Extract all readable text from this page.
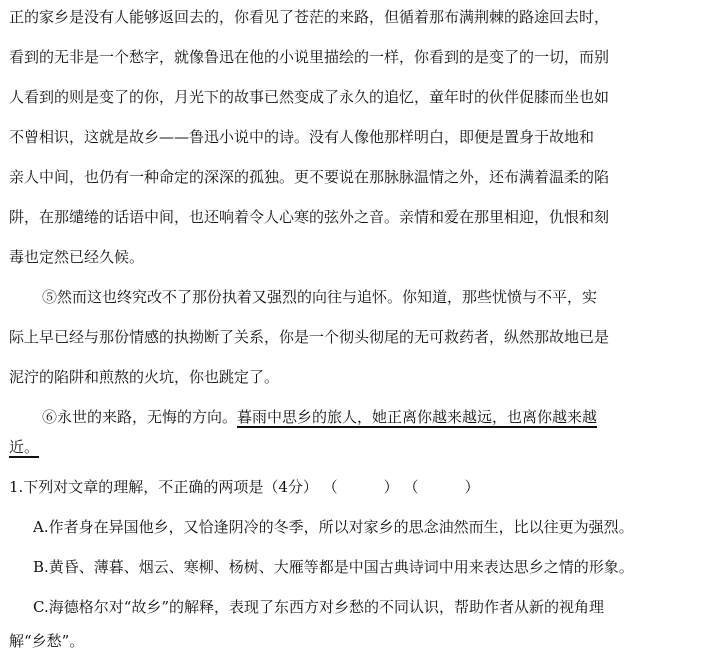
正的家乡是没有人能够返回去的，你看见了苍茫的来路，但循着那布满荆棘的路途回去时，
看到的无非是一个愁字，就像鲁迅在他的小说里描绘的一样，你看到的是变了的一切，而别
人看到的则是变了的你，月光下的故事已然变成了永久的追忆，童年时的伙伴促膝而坐也如
不曾相识，这就是故乡——鲁迅小说中的诗。没有人像他那样明白，即便是置身于故地和
亲人中间，也仍有一种命定的深深的孤独。更不要说在那脉脉温情之外，还布满着温柔的陷
阱，在那缱绻的话语中间，也还响着令人心寒的弦外之音。亲情和爱在那里相迎，仇恨和刻
毒也定然已经久候。
⑤然而这也终究改不了那份执着又强烈的向往与追怀。你知道，那些忧愤与不平，实
际上早已经与那份情感的执拗断了关系，你是一个彻头彻尾的无可救药者，纵然那故地已是
泥泞的陷阱和煎熬的火坑，你也跳定了。
⑥永世的来路，无悔的方向。暮雨中思乡的旅人，她正离你越来越远，也离你越来越
近。
1.下列对文章的理解，不正确的两项是（4分） （	） （	）
A.作者身在异国他乡，又恰逢阴冷的冬季，所以对家乡的思念油然而生，比以往更为强烈。
B.黄昏、薄暮、烟云、寒柳、杨树、大雁等都是中国古典诗词中用来表达思乡之情的形象。
C.海德格尔对“故乡”的解释，表现了东西方对乡愁的不同认识，帮助作者从新的视角理
解“乡愁”。
